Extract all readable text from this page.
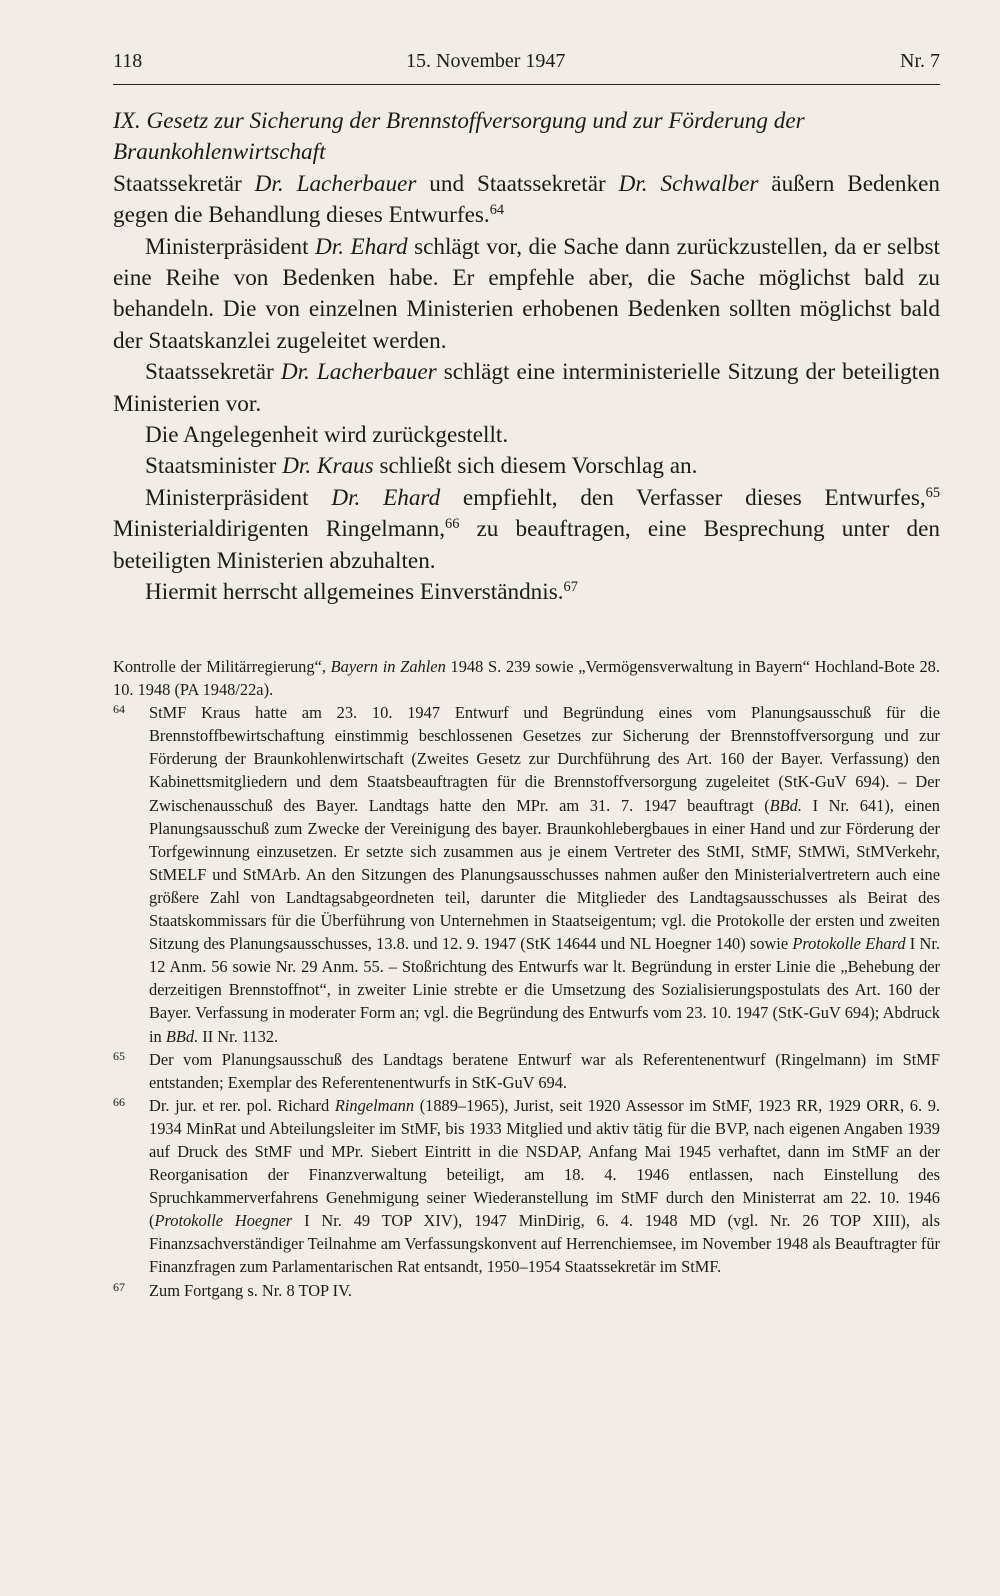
118	15. November 1947	Nr. 7

IX. Gesetz zur Sicherung der Brennstoffversorgung und zur Förderung der
Braunkohlenwirtschaft

Staatssekretär Dr. Lacherbauer und Staatssekretär Dr. Schwalber äußern Bedenken gegen die Behandlung dieses Entwurfes.$^{64}$

Ministerpräsident Dr. Ehard schlägt vor, die Sache dann zurückzustellen, da er selbst eine Reihe von Bedenken habe. Er empfehle aber, die Sache möglichst bald zu behandeln. Die von einzelnen Ministerien erhobenen Bedenken sollten möglichst bald der Staatskanzlei zugeleitet werden.

Staatssekretär Dr. Lacherbauer schlägt eine interministerielle Sitzung der beteiligten Ministerien vor.

Die Angelegenheit wird zurückgestellt.

Staatsminister Dr. Kraus schließt sich diesem Vorschlag an.

Ministerpräsident Dr. Ehard empfiehlt, den Verfasser dieses Entwurfes,$^{65}$ Ministerialdirigenten Ringelmann,$^{66}$ zu beauftragen, eine Besprechung unter den beteiligten Ministerien abzuhalten.

Hiermit herrscht allgemeines Einverständnis.$^{67}$

Kontrolle der Militärregierung“, Bayern in Zahlen 1948 S. 239 sowie „Vermögensverwaltung in Bayern“ Hochland-Bote 28. 10. 1948 (PA 1948/22a).

64 StMF Kraus hatte am 23. 10. 1947 Entwurf und Begründung eines vom Planungsausschuß für die Brennstoffbewirtschaftung einstimmig beschlossenen Gesetzes zur Sicherung der Brennstoffversorgung und zur Förderung der Braunkohlenwirtschaft (Zweites Gesetz zur Durchführung des Art. 160 der Bayer. Verfassung) den Kabinettsmitgliedern und dem Staatsbeauftragten für die Brennstoffversorgung zugeleitet (StK-GuV 694). – Der Zwischenausschuß des Bayer. Landtags hatte den MPr. am 31. 7. 1947 beauftragt (BBd. I Nr. 641), einen Planungsausschuß zum Zwecke der Vereinigung des bayer. Braunkohlebergbaues in einer Hand und zur Förderung der Torfgewinnung einzusetzen. Er setzte sich zusammen aus je einem Vertreter des StMI, StMF, StMWi, StMVerkehr, StMELF und StMArb. An den Sitzungen des Planungsausschusses nahmen außer den Ministerialvertretern auch eine größere Zahl von Landtagsabgeordneten teil, darunter die Mitglieder des Landtagsausschusses als Beirat des Staatskommissars für die Überführung von Unternehmen in Staatseigentum; vgl. die Protokolle der ersten und zweiten Sitzung des Planungsausschusses, 13.8. und 12. 9. 1947 (StK 14644 und NL Hoegner 140) sowie Protokolle Ehard I Nr. 12 Anm. 56 sowie Nr. 29 Anm. 55. – Stoßrichtung des Entwurfs war lt. Begründung in erster Linie die „Behebung der derzeitigen Brennstoffnot“, in zweiter Linie strebte er die Umsetzung des Sozialisierungspostulats des Art. 160 der Bayer. Verfassung in moderater Form an; vgl. die Begründung des Entwurfs vom 23. 10. 1947 (StK-GuV 694); Abdruck in BBd. II Nr. 1132.

65 Der vom Planungsausschuß des Landtags beratene Entwurf war als Referentenentwurf (Ringelmann) im StMF entstanden; Exemplar des Referentenentwurfs in StK-GuV 694.

66 Dr. jur. et rer. pol. Richard Ringelmann (1889–1965), Jurist, seit 1920 Assessor im StMF, 1923 RR, 1929 ORR, 6. 9. 1934 MinRat und Abteilungsleiter im StMF, bis 1933 Mitglied und aktiv tätig für die BVP, nach eigenen Angaben 1939 auf Druck des StMF und MPr. Siebert Eintritt in die NSDAP, Anfang Mai 1945 verhaftet, dann im StMF an der Reorganisation der Finanzverwaltung beteiligt, am 18. 4. 1946 entlassen, nach Einstellung des Spruchkammerverfahrens Genehmigung seiner Wiederanstellung im StMF durch den Ministerrat am 22. 10. 1946 (Protokolle Hoegner I Nr. 49 TOP XIV), 1947 MinDirig, 6. 4. 1948 MD (vgl. Nr. 26 TOP XIII), als Finanzsachverständiger Teilnahme am Verfassungskonvent auf Herrenchiemsee, im November 1948 als Beauftragter für Finanzfragen zum Parlamentarischen Rat entsandt, 1950–1954 Staatssekretär im StMF.

67 Zum Fortgang s. Nr. 8 TOP IV.
